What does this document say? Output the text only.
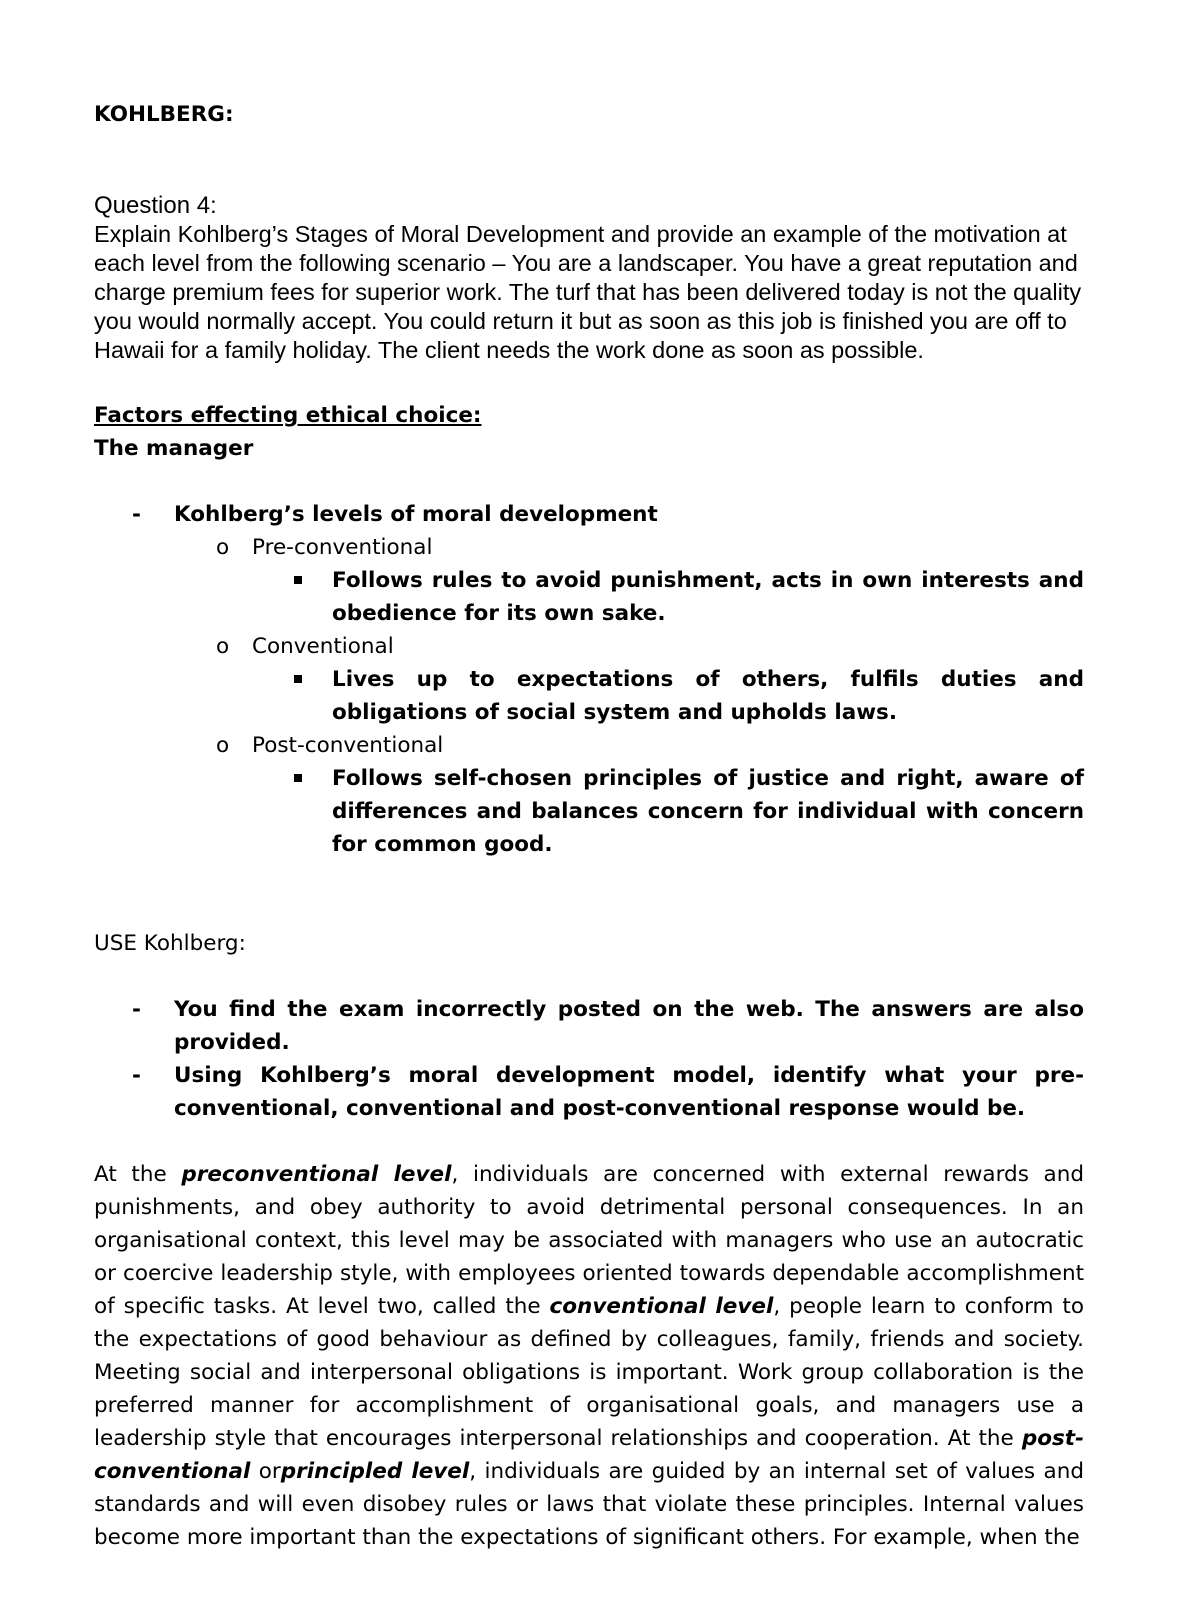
KOHLBERG:
Question 4:

Explain Kohlberg’s Stages of Moral Development and provide an example of the motivation at each level from the following scenario – You are a landscaper. You have a great reputation and charge premium fees for superior work. The turf that has been delivered today is not the quality you would normally accept. You could return it but as soon as this job is finished you are off to Hawaii for a family holiday. The client needs the work done as soon as possible.

Factors effecting ethical choice:
The manager
- Kohlberg’s levels of moral development
o Pre-conventional
Follows rules to avoid punishment, acts in own interests and obedience for its own sake.
o Conventional
Lives up to expectations of others, fulfils duties and obligations of social system and upholds laws.
o Post-conventional
Follows self-chosen principles of justice and right, aware of differences and balances concern for individual with concern for common good.
USE Kohlberg:
- You find the exam incorrectly posted on the web. The answers are also provided.
- Using Kohlberg’s moral development model, identify what your pre-conventional, conventional and post-conventional response would be.

At the preconventional level, individuals are concerned with external rewards and punishments, and obey authority to avoid detrimental personal consequences. In an organisational context, this level may be associated with managers who use an autocratic or coercive leadership style, with employees oriented towards dependable accomplishment of specific tasks. At level two, called the conventional level, people learn to conform to the expectations of good behaviour as defined by colleagues, family, friends and society. Meeting social and interpersonal obligations is important. Work group collaboration is the preferred manner for accomplishment of organisational goals, and managers use a leadership style that encourages interpersonal relationships and cooperation. At the post-conventional orprincipled level, individuals are guided by an internal set of values and standards and will even disobey rules or laws that violate these principles. Internal values become more important than the expectations of significant others. For example, when the
